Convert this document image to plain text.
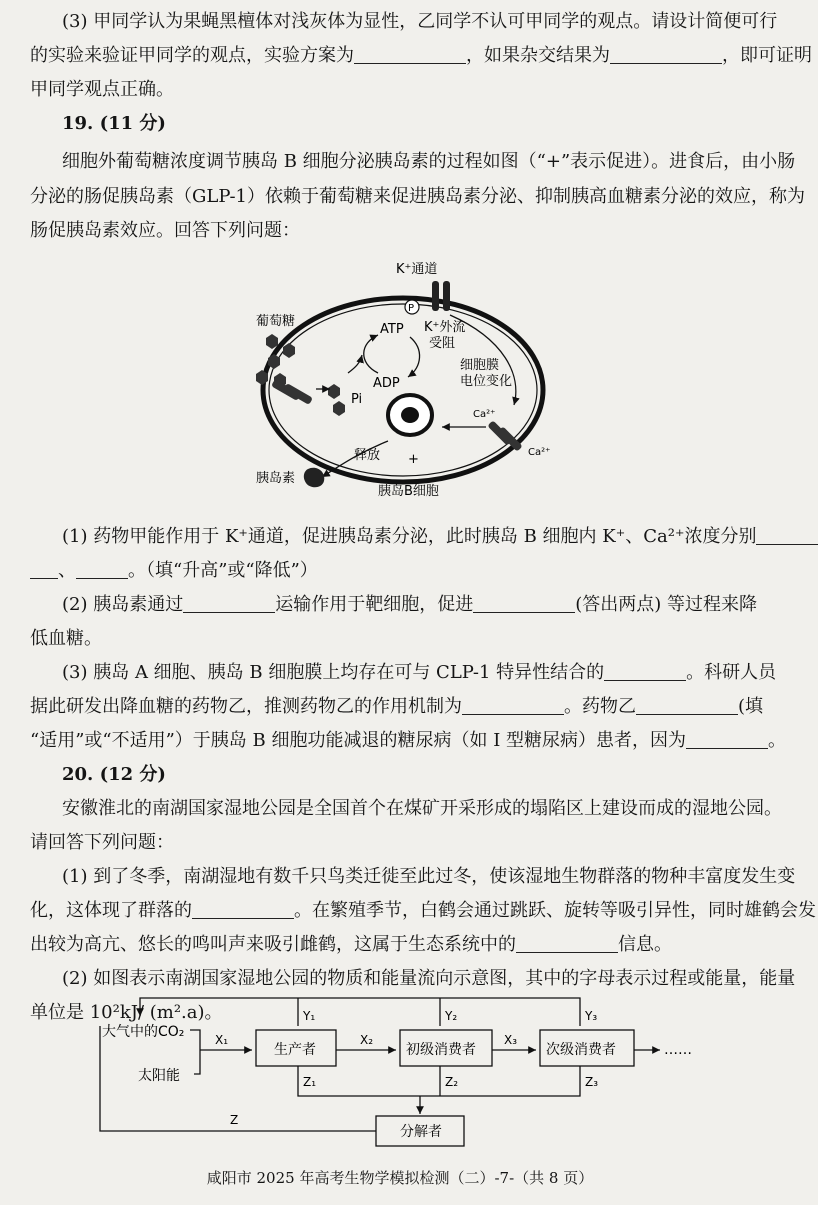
(3) 甲同学认为果蝇黑檀体对浅灰体为显性，乙同学不认可甲同学的观点。请设计简便可行
的实验来验证甲同学的观点，实验方案为	，如果杂交结果为	，即可证明
甲同学观点正确。
19. (11 分)
细胞外葡萄糖浓度调节胰岛 B 细胞分泌胰岛素的过程如图（“+”表示促进）。进食后，由小肠
分泌的肠促胰岛素（GLP-1）依赖于葡萄糖来促进胰岛素分泌、抑制胰高血糖素分泌的效应，称为
肠促胰岛素效应。回答下列问题：
K⁺通道
P
葡萄糖
ATP
ADP
Pi
K⁺外流
受阻
细胞膜
电位变化
Ca²⁺
Ca²⁺
+
释放
胰岛素
胰岛B细胞
(1) 药物甲能作用于 K⁺通道，促进胰岛素分泌，此时胰岛 B 细胞内 K⁺、Ca²⁺浓度分别
、	。（填“升高”或“降低”）
(2) 胰岛素通过	运输作用于靶细胞，促进	(答出两点) 等过程来降
低血糖。
(3) 胰岛 A 细胞、胰岛 B 细胞膜上均存在可与 CLP-1 特异性结合的	。科研人员
据此研发出降血糖的药物乙，推测药物乙的作用机制为	。药物乙	(填
“适用”或“不适用”）于胰岛 B 细胞功能减退的糖尿病（如 I 型糖尿病）患者，因为	。
20. (12 分)
安徽淮北的南湖国家湿地公园是全国首个在煤矿开采形成的塌陷区上建设而成的湿地公园。
请回答下列问题：
(1) 到了冬季，南湖湿地有数千只鸟类迁徙至此过冬，使该湿地生物群落的物种丰富度发生变
化，这体现了群落的	。在繁殖季节，白鹤会通过跳跃、旋转等吸引异性，同时雄鹤会发
出较为高亢、悠长的鸣叫声来吸引雌鹤，这属于生态系统中的	信息。
(2) 如图表示南湖国家湿地公园的物质和能量流向示意图，其中的字母表示过程或能量，能量
单位是 10²kJ/ (m².a)。	Y₁	Y₂	Y₃
大气中的CO₂
太阳能
X₁
生产者
X₂
初级消费者
X₃
次级消费者	……
Z₁	Z₂	Z₃
分解者
Z
咸阳市 2025 年高考生物学模拟检测（二）-7-（共 8 页）
